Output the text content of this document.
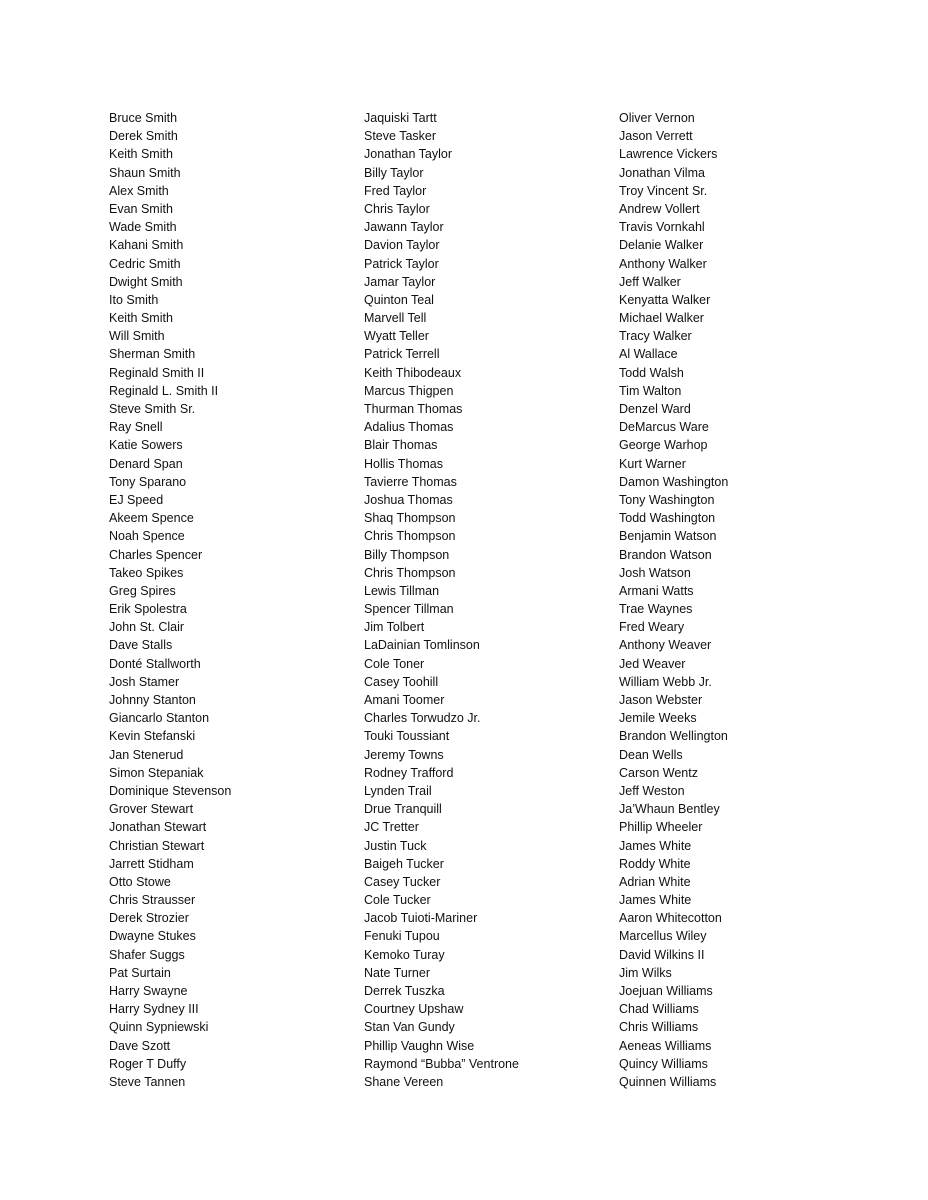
Bruce Smith
Derek Smith
Keith Smith
Shaun Smith
Alex Smith
Evan Smith
Wade Smith
Kahani Smith
Cedric Smith
Dwight Smith
Ito Smith
Keith Smith
Will Smith
Sherman Smith
Reginald Smith II
Reginald L. Smith II
Steve Smith Sr.
Ray Snell
Katie Sowers
Denard Span
Tony Sparano
EJ Speed
Akeem Spence
Noah Spence
Charles Spencer
Takeo Spikes
Greg Spires
Erik Spolestra
John St. Clair
Dave Stalls
Donté Stallworth
Josh Stamer
Johnny Stanton
Giancarlo Stanton
Kevin Stefanski
Jan Stenerud
Simon Stepaniak
Dominique Stevenson
Grover Stewart
Jonathan Stewart
Christian Stewart
Jarrett Stidham
Otto Stowe
Chris Strausser
Derek Strozier
Dwayne Stukes
Shafer Suggs
Pat Surtain
Harry Swayne
Harry Sydney III
Quinn Sypniewski
Dave Szott
Roger T Duffy
Steve Tannen
Jaquiski Tartt
Steve Tasker
Jonathan Taylor
Billy Taylor
Fred Taylor
Chris Taylor
Jawann Taylor
Davion Taylor
Patrick Taylor
Jamar Taylor
Quinton Teal
Marvell Tell
Wyatt Teller
Patrick Terrell
Keith Thibodeaux
Marcus Thigpen
Thurman Thomas
Adalius Thomas
Blair Thomas
Hollis Thomas
Tavierre Thomas
Joshua Thomas
Shaq Thompson
Chris Thompson
Billy Thompson
Chris Thompson
Lewis Tillman
Spencer Tillman
Jim Tolbert
LaDainian Tomlinson
Cole Toner
Casey Toohill
Amani Toomer
Charles Torwudzo Jr.
Touki Toussiant
Jeremy Towns
Rodney Trafford
Lynden Trail
Drue Tranquill
JC Tretter
Justin Tuck
Baigeh Tucker
Casey Tucker
Cole Tucker
Jacob Tuioti-Mariner
Fenuki Tupou
Kemoko Turay
Nate Turner
Derrek Tuszka
Courtney Upshaw
Stan Van Gundy
Phillip Vaughn Wise
Raymond “Bubba” Ventrone
Shane Vereen
Oliver Vernon
Jason Verrett
Lawrence Vickers
Jonathan Vilma
Troy Vincent Sr.
Andrew Vollert
Travis Vornkahl
Delanie Walker
Anthony Walker
Jeff Walker
Kenyatta Walker
Michael Walker
Tracy Walker
Al Wallace
Todd Walsh
Tim Walton
Denzel Ward
DeMarcus Ware
George Warhop
Kurt Warner
Damon Washington
Tony Washington
Todd Washington
Benjamin Watson
Brandon Watson
Josh Watson
Armani Watts
Trae Waynes
Fred Weary
Anthony Weaver
Jed Weaver
William Webb Jr.
Jason Webster
Jemile Weeks
Brandon Wellington
Dean Wells
Carson Wentz
Jeff Weston
Ja’Whaun Bentley
Phillip Wheeler
James White
Roddy White
Adrian White
James White
Aaron Whitecotton
Marcellus Wiley
David Wilkins II
Jim Wilks
Joejuan Williams
Chad Williams
Chris Williams
Aeneas Williams
Quincy Williams
Quinnen Williams
